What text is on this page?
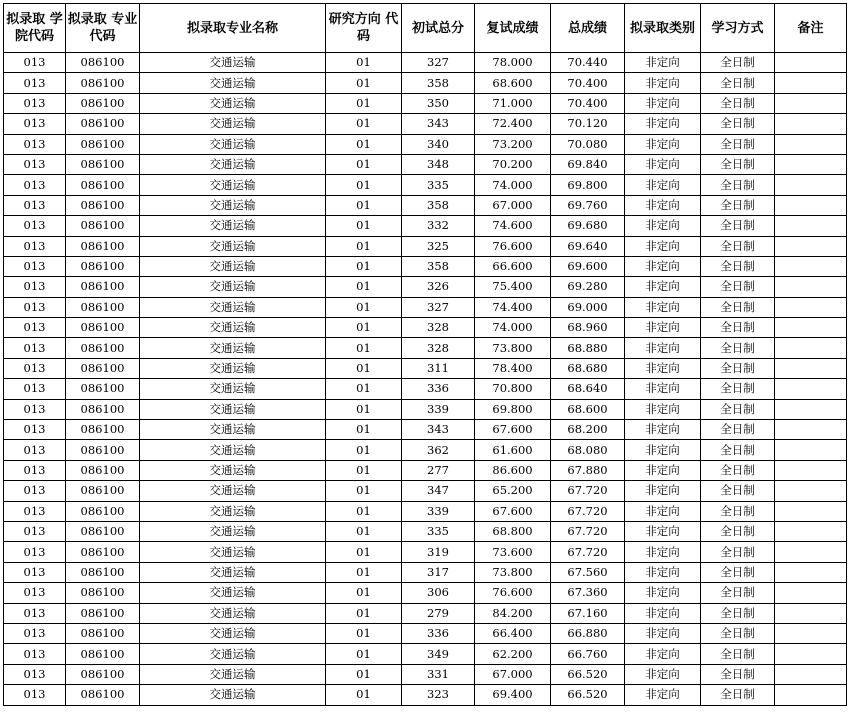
拟录取 学院代码	拟录取 专业代码	拟录取专业名称	研究方向 代码	初试总分	复试成绩	总成绩	拟录取类别	学习方式	备注
013	086100	交通运输	01	327	78.000	70.440	非定向	全日制	
013	086100	交通运输	01	358	68.600	70.400	非定向	全日制	
013	086100	交通运输	01	350	71.000	70.400	非定向	全日制	
013	086100	交通运输	01	343	72.400	70.120	非定向	全日制	
013	086100	交通运输	01	340	73.200	70.080	非定向	全日制	
013	086100	交通运输	01	348	70.200	69.840	非定向	全日制	
013	086100	交通运输	01	335	74.000	69.800	非定向	全日制	
013	086100	交通运输	01	358	67.000	69.760	非定向	全日制	
013	086100	交通运输	01	332	74.600	69.680	非定向	全日制	
013	086100	交通运输	01	325	76.600	69.640	非定向	全日制	
013	086100	交通运输	01	358	66.600	69.600	非定向	全日制	
013	086100	交通运输	01	326	75.400	69.280	非定向	全日制	
013	086100	交通运输	01	327	74.400	69.000	非定向	全日制	
013	086100	交通运输	01	328	74.000	68.960	非定向	全日制	
013	086100	交通运输	01	328	73.800	68.880	非定向	全日制	
013	086100	交通运输	01	311	78.400	68.680	非定向	全日制	
013	086100	交通运输	01	336	70.800	68.640	非定向	全日制	
013	086100	交通运输	01	339	69.800	68.600	非定向	全日制	
013	086100	交通运输	01	343	67.600	68.200	非定向	全日制	
013	086100	交通运输	01	362	61.600	68.080	非定向	全日制	
013	086100	交通运输	01	277	86.600	67.880	非定向	全日制	
013	086100	交通运输	01	347	65.200	67.720	非定向	全日制	
013	086100	交通运输	01	339	67.600	67.720	非定向	全日制	
013	086100	交通运输	01	335	68.800	67.720	非定向	全日制	
013	086100	交通运输	01	319	73.600	67.720	非定向	全日制	
013	086100	交通运输	01	317	73.800	67.560	非定向	全日制	
013	086100	交通运输	01	306	76.600	67.360	非定向	全日制	
013	086100	交通运输	01	279	84.200	67.160	非定向	全日制	
013	086100	交通运输	01	336	66.400	66.880	非定向	全日制	
013	086100	交通运输	01	349	62.200	66.760	非定向	全日制	
013	086100	交通运输	01	331	67.000	66.520	非定向	全日制	
013	086100	交通运输	01	323	69.400	66.520	非定向	全日制	
